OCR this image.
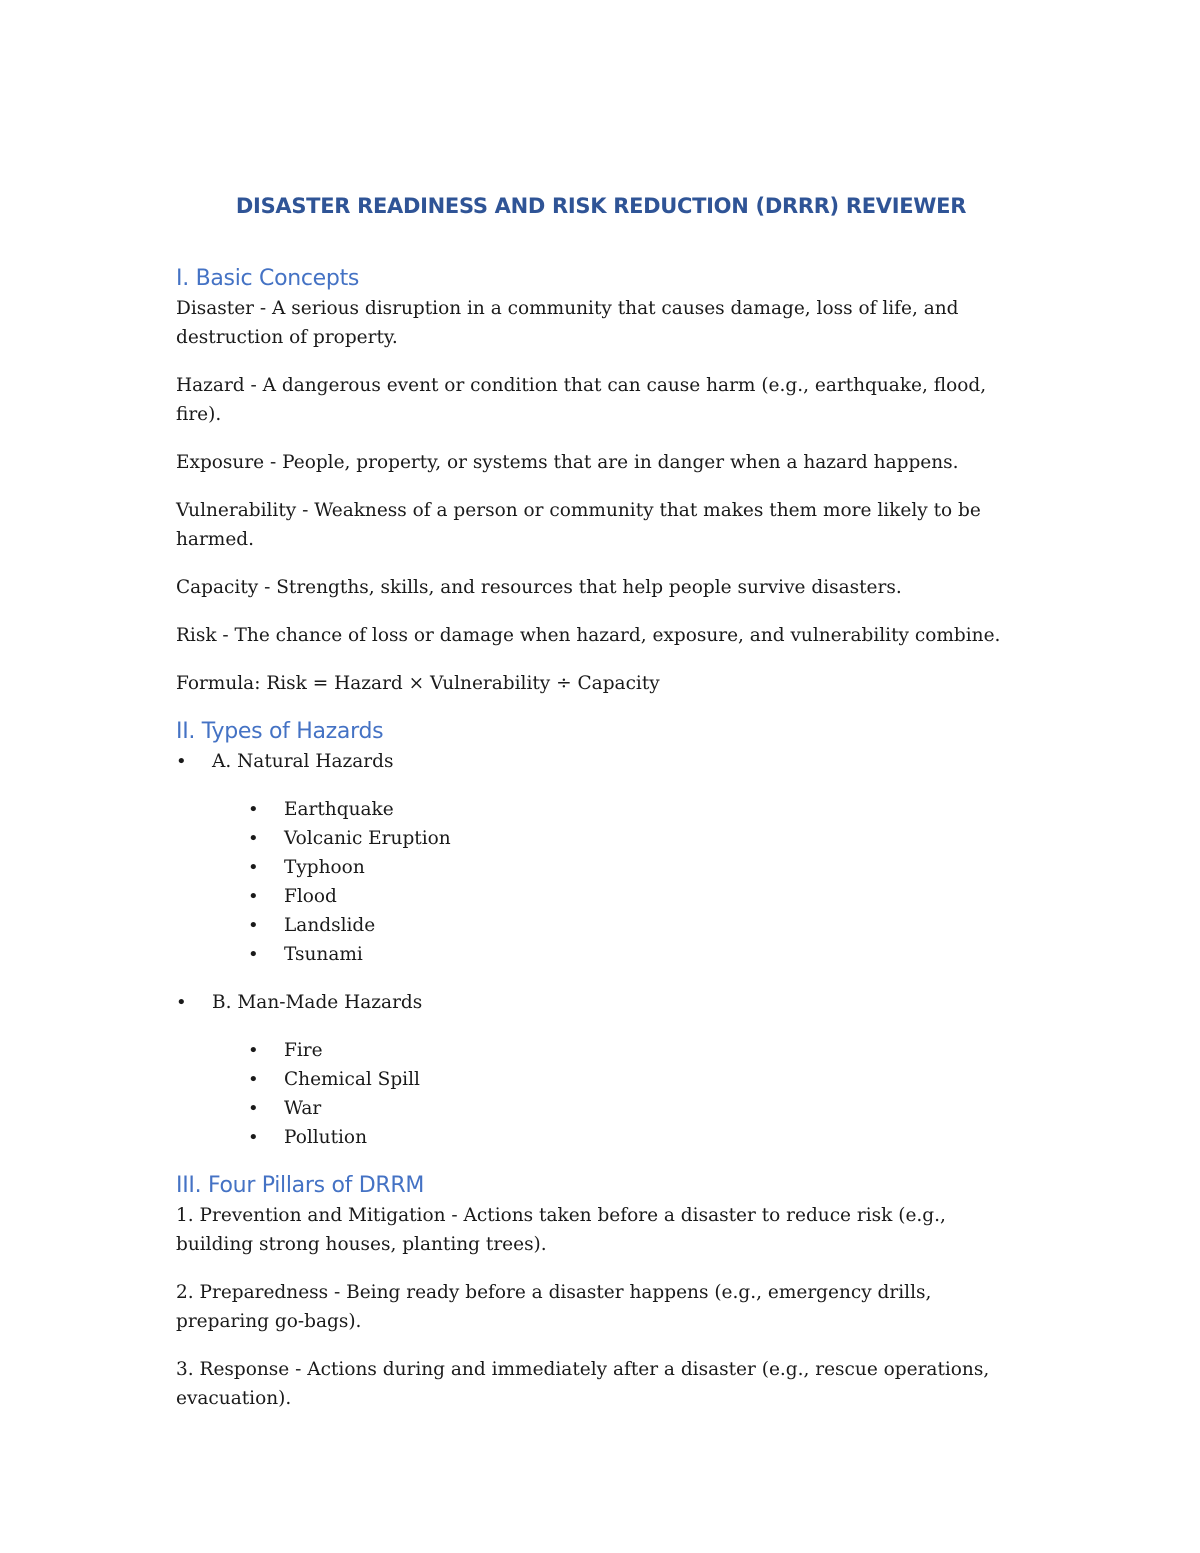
DISASTER READINESS AND RISK REDUCTION (DRRR) REVIEWER
I. Basic Concepts

Disaster - A serious disruption in a community that causes damage, loss of life, and destruction of property.

Hazard - A dangerous event or condition that can cause harm (e.g., earthquake, flood, fire).

Exposure - People, property, or systems that are in danger when a hazard happens.

Vulnerability - Weakness of a person or community that makes them more likely to be harmed.

Capacity - Strengths, skills, and resources that help people survive disasters.

Risk - The chance of loss or damage when hazard, exposure, and vulnerability combine.

Formula: Risk = Hazard × Vulnerability ÷ Capacity

II. Types of Hazards
• A. Natural Hazards
• Earthquake
• Volcanic Eruption
• Typhoon
• Flood
• Landslide
• Tsunami
• B. Man-Made Hazards
• Fire
• Chemical Spill
• War
• Pollution
III. Four Pillars of DRRM

1. Prevention and Mitigation - Actions taken before a disaster to reduce risk (e.g., building strong houses, planting trees).

2. Preparedness - Being ready before a disaster happens (e.g., emergency drills, preparing go-bags).

3. Response - Actions during and immediately after a disaster (e.g., rescue operations, evacuation).
